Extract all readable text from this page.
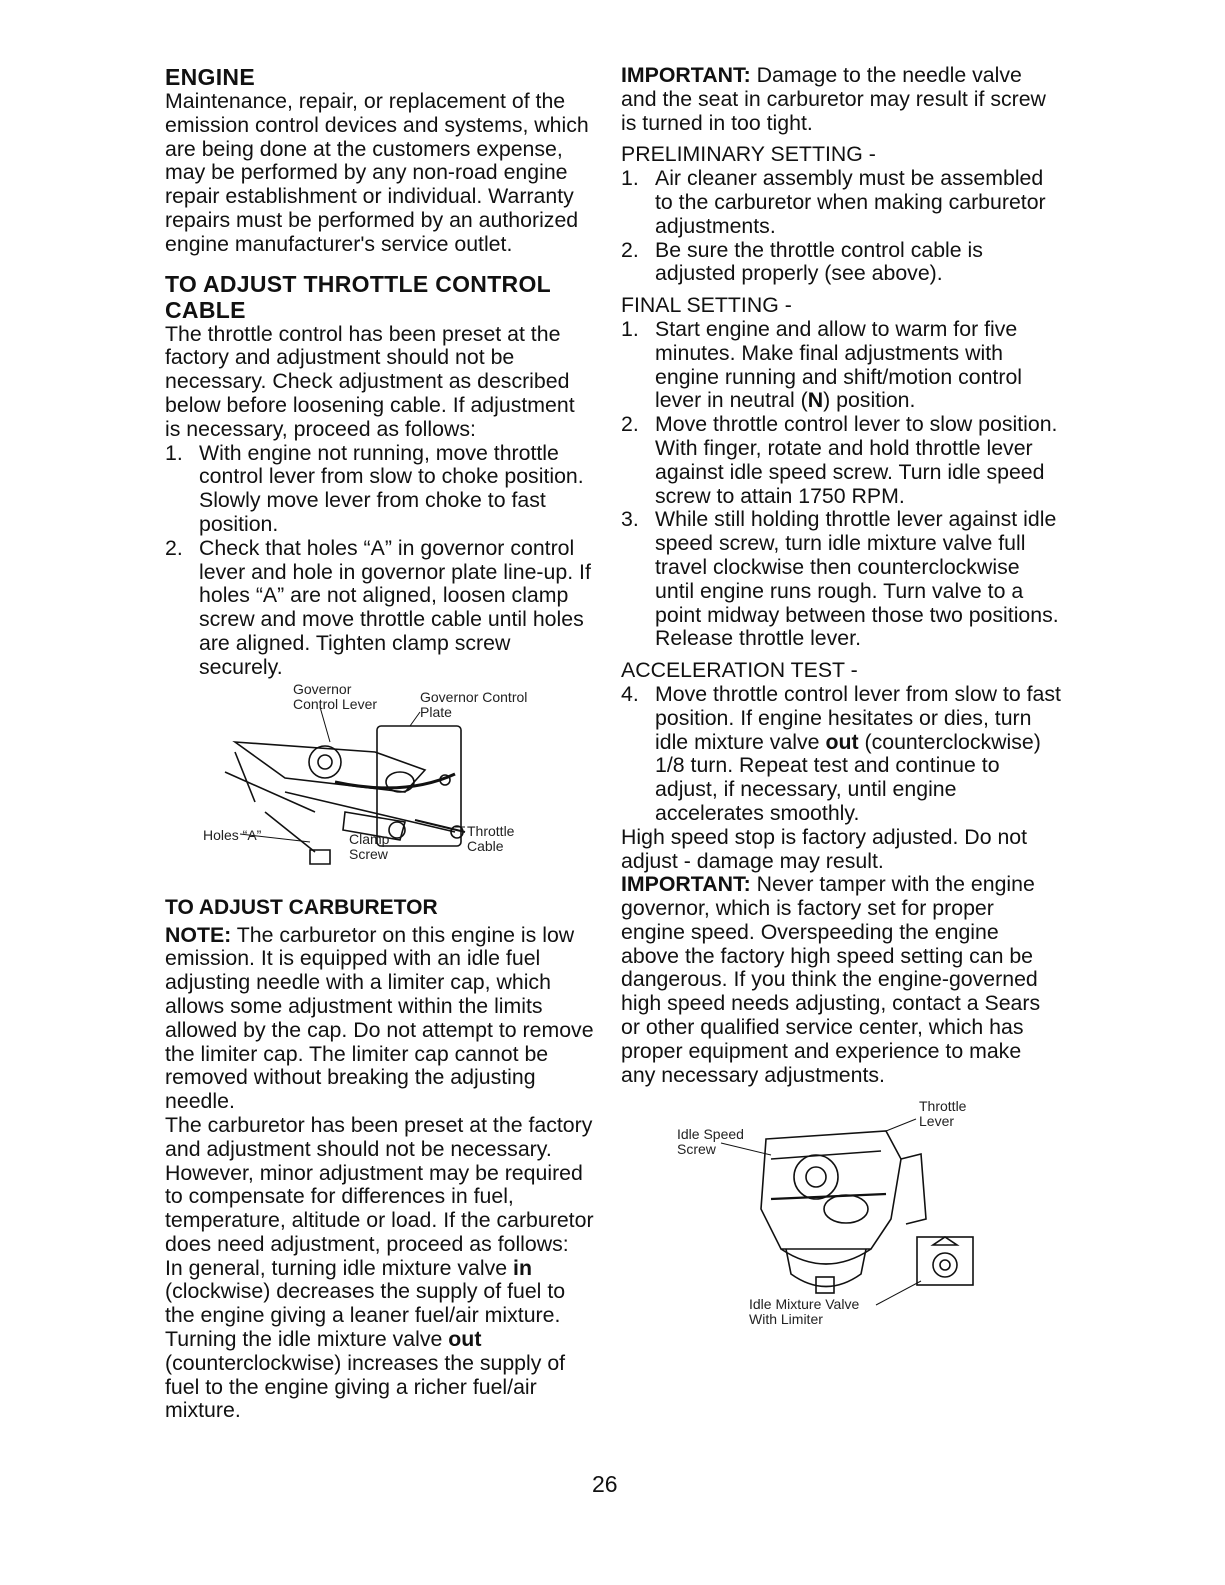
ENGINE

Maintenance, repair, or replacement of the emission control devices and systems, which are being done at the customers expense, may be performed by any non-road engine repair establishment or individual. Warranty repairs must be performed by an authorized engine manufacturer's service outlet.

TO ADJUST THROTTLE CONTROL CABLE

The throttle control has been preset at the factory and adjustment should not be necessary. Check adjustment as described below before loosening cable. If adjustment is necessary, proceed as follows:

1. With engine not running, move throttle control lever from slow to choke position. Slowly move lever from choke to fast position.
2. Check that holes “A” in governor control lever and hole in governor plate line-up. If holes “A” are not aligned, loosen clamp screw and move throttle cable until holes are aligned. Tighten clamp screw securely.
Governor Control Lever	Governor Control Plate
Holes “A”	Clamp Screw
Throttle Cable
TO ADJUST CARBURETOR

NOTE: The carburetor on this engine is low emission. It is equipped with an idle fuel adjusting needle with a limiter cap, which allows some adjustment within the limits allowed by the cap. Do not attempt to remove the limiter cap. The limiter cap cannot be removed without breaking the adjusting needle.

The carburetor has been preset at the factory and adjustment should not be necessary. However, minor adjustment may be required to compensate for differences in fuel, temperature, altitude or load. If the carburetor does need adjustment, proceed as follows:

In general, turning idle mixture valve in (clockwise) decreases the supply of fuel to the engine giving a leaner fuel/air mixture. Turning the idle mixture valve out (counterclockwise) increases the supply of fuel to the engine giving a richer fuel/air mixture.

IMPORTANT: Damage to the needle valve and the seat in carburetor may result if screw is turned in too tight.

PRELIMINARY SETTING -

1. Air cleaner assembly must be assembled to the carburetor when making carburetor adjustments.
2. Be sure the throttle control cable is adjusted properly (see above).

FINAL SETTING -

1. Start engine and allow to warm for five minutes. Make final adjustments with engine running and shift/motion control lever in neutral (N) position.
2. Move throttle control lever to slow position. With finger, rotate and hold throttle lever against idle speed screw. Turn idle speed screw to attain 1750 RPM.
3. While still holding throttle lever against idle speed screw, turn idle mixture valve full travel clockwise then counterclockwise until engine runs rough. Turn valve to a point midway between those two positions. Release throttle lever.

ACCELERATION TEST -

4. Move throttle control lever from slow to fast position. If engine hesitates or dies, turn idle mixture valve out (counterclockwise) 1/8 turn. Repeat test and continue to adjust, if necessary, until engine accelerates smoothly.

High speed stop is factory adjusted. Do not adjust - damage may result.

IMPORTANT: Never tamper with the engine governor, which is factory set for proper engine speed. Overspeeding the engine above the factory high speed setting can be dangerous. If you think the engine-governed high speed needs adjusting, contact a Sears or other qualified service center, which has proper equipment and experience to make any necessary adjustments.

Throttle Lever
Idle Speed Screw
Idle Mixture Valve With Limiter
26
